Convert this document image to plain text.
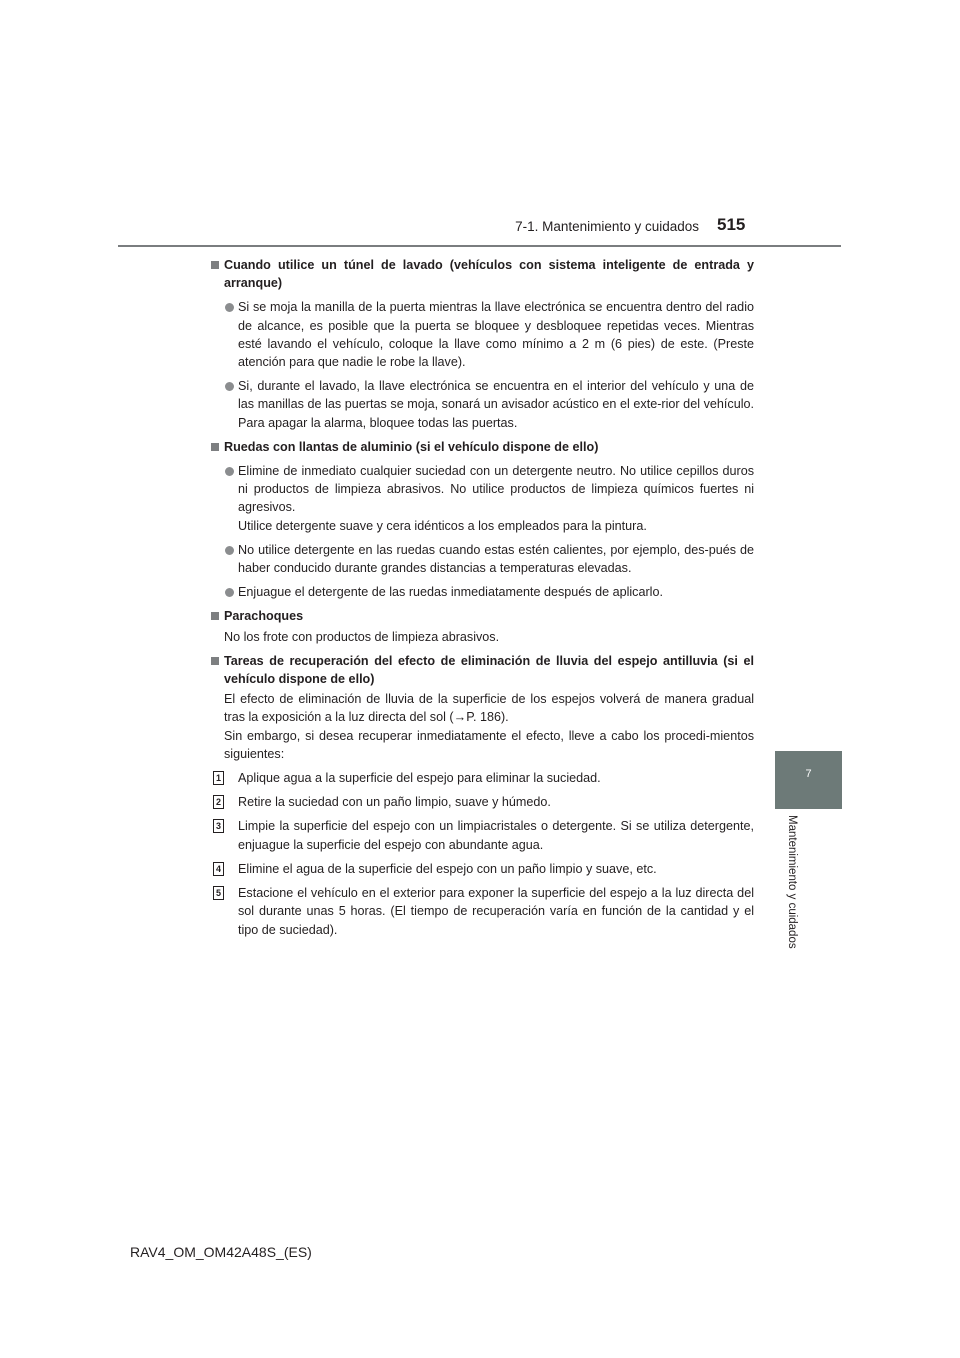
7-1. Mantenimiento y cuidados 515
7
Mantenimiento y cuidados
Cuando utilice un túnel de lavado (vehículos con sistema inteligente de entrada y arranque)
Si se moja la manilla de la puerta mientras la llave electrónica se encuentra dentro del radio de alcance, es posible que la puerta se bloquee y desbloquee repetidas veces. Mientras esté lavando el vehículo, coloque la llave como mínimo a 2 m (6 pies) de este. (Preste atención para que nadie le robe la llave).
Si, durante el lavado, la llave electrónica se encuentra en el interior del vehículo y una de las manillas de las puertas se moja, sonará un avisador acústico en el exte-rior del vehículo. Para apagar la alarma, bloquee todas las puertas.
Ruedas con llantas de aluminio (si el vehículo dispone de ello)
Elimine de inmediato cualquier suciedad con un detergente neutro. No utilice cepillos duros ni productos de limpieza abrasivos. No utilice productos de limpieza químicos fuertes ni agresivos.
Utilice detergente suave y cera idénticos a los empleados para la pintura.
No utilice detergente en las ruedas cuando estas estén calientes, por ejemplo, des-pués de haber conducido durante grandes distancias a temperaturas elevadas.
Enjuague el detergente de las ruedas inmediatamente después de aplicarlo.
Parachoques

No los frote con productos de limpieza abrasivos.

Tareas de recuperación del efecto de eliminación de lluvia del espejo antilluvia (si el vehículo dispone de ello)

El efecto de eliminación de lluvia de la superficie de los espejos volverá de manera gradual tras la exposición a la luz directa del sol (→P. 186).

Sin embargo, si desea recuperar inmediatamente el efecto, lleve a cabo los procedi-mientos siguientes:

1 Aplique agua a la superficie del espejo para eliminar la suciedad.
2 Retire la suciedad con un paño limpio, suave y húmedo.
3 Limpie la superficie del espejo con un limpiacristales o detergente. Si se utiliza detergente, enjuague la superficie del espejo con abundante agua.
4 Elimine el agua de la superficie del espejo con un paño limpio y suave, etc.
5 Estacione el vehículo en el exterior para exponer la superficie del espejo a la luz directa del sol durante unas 5 horas. (El tiempo de recuperación varía en función de la cantidad y el tipo de suciedad).
RAV4_OM_OM42A48S_(ES)
